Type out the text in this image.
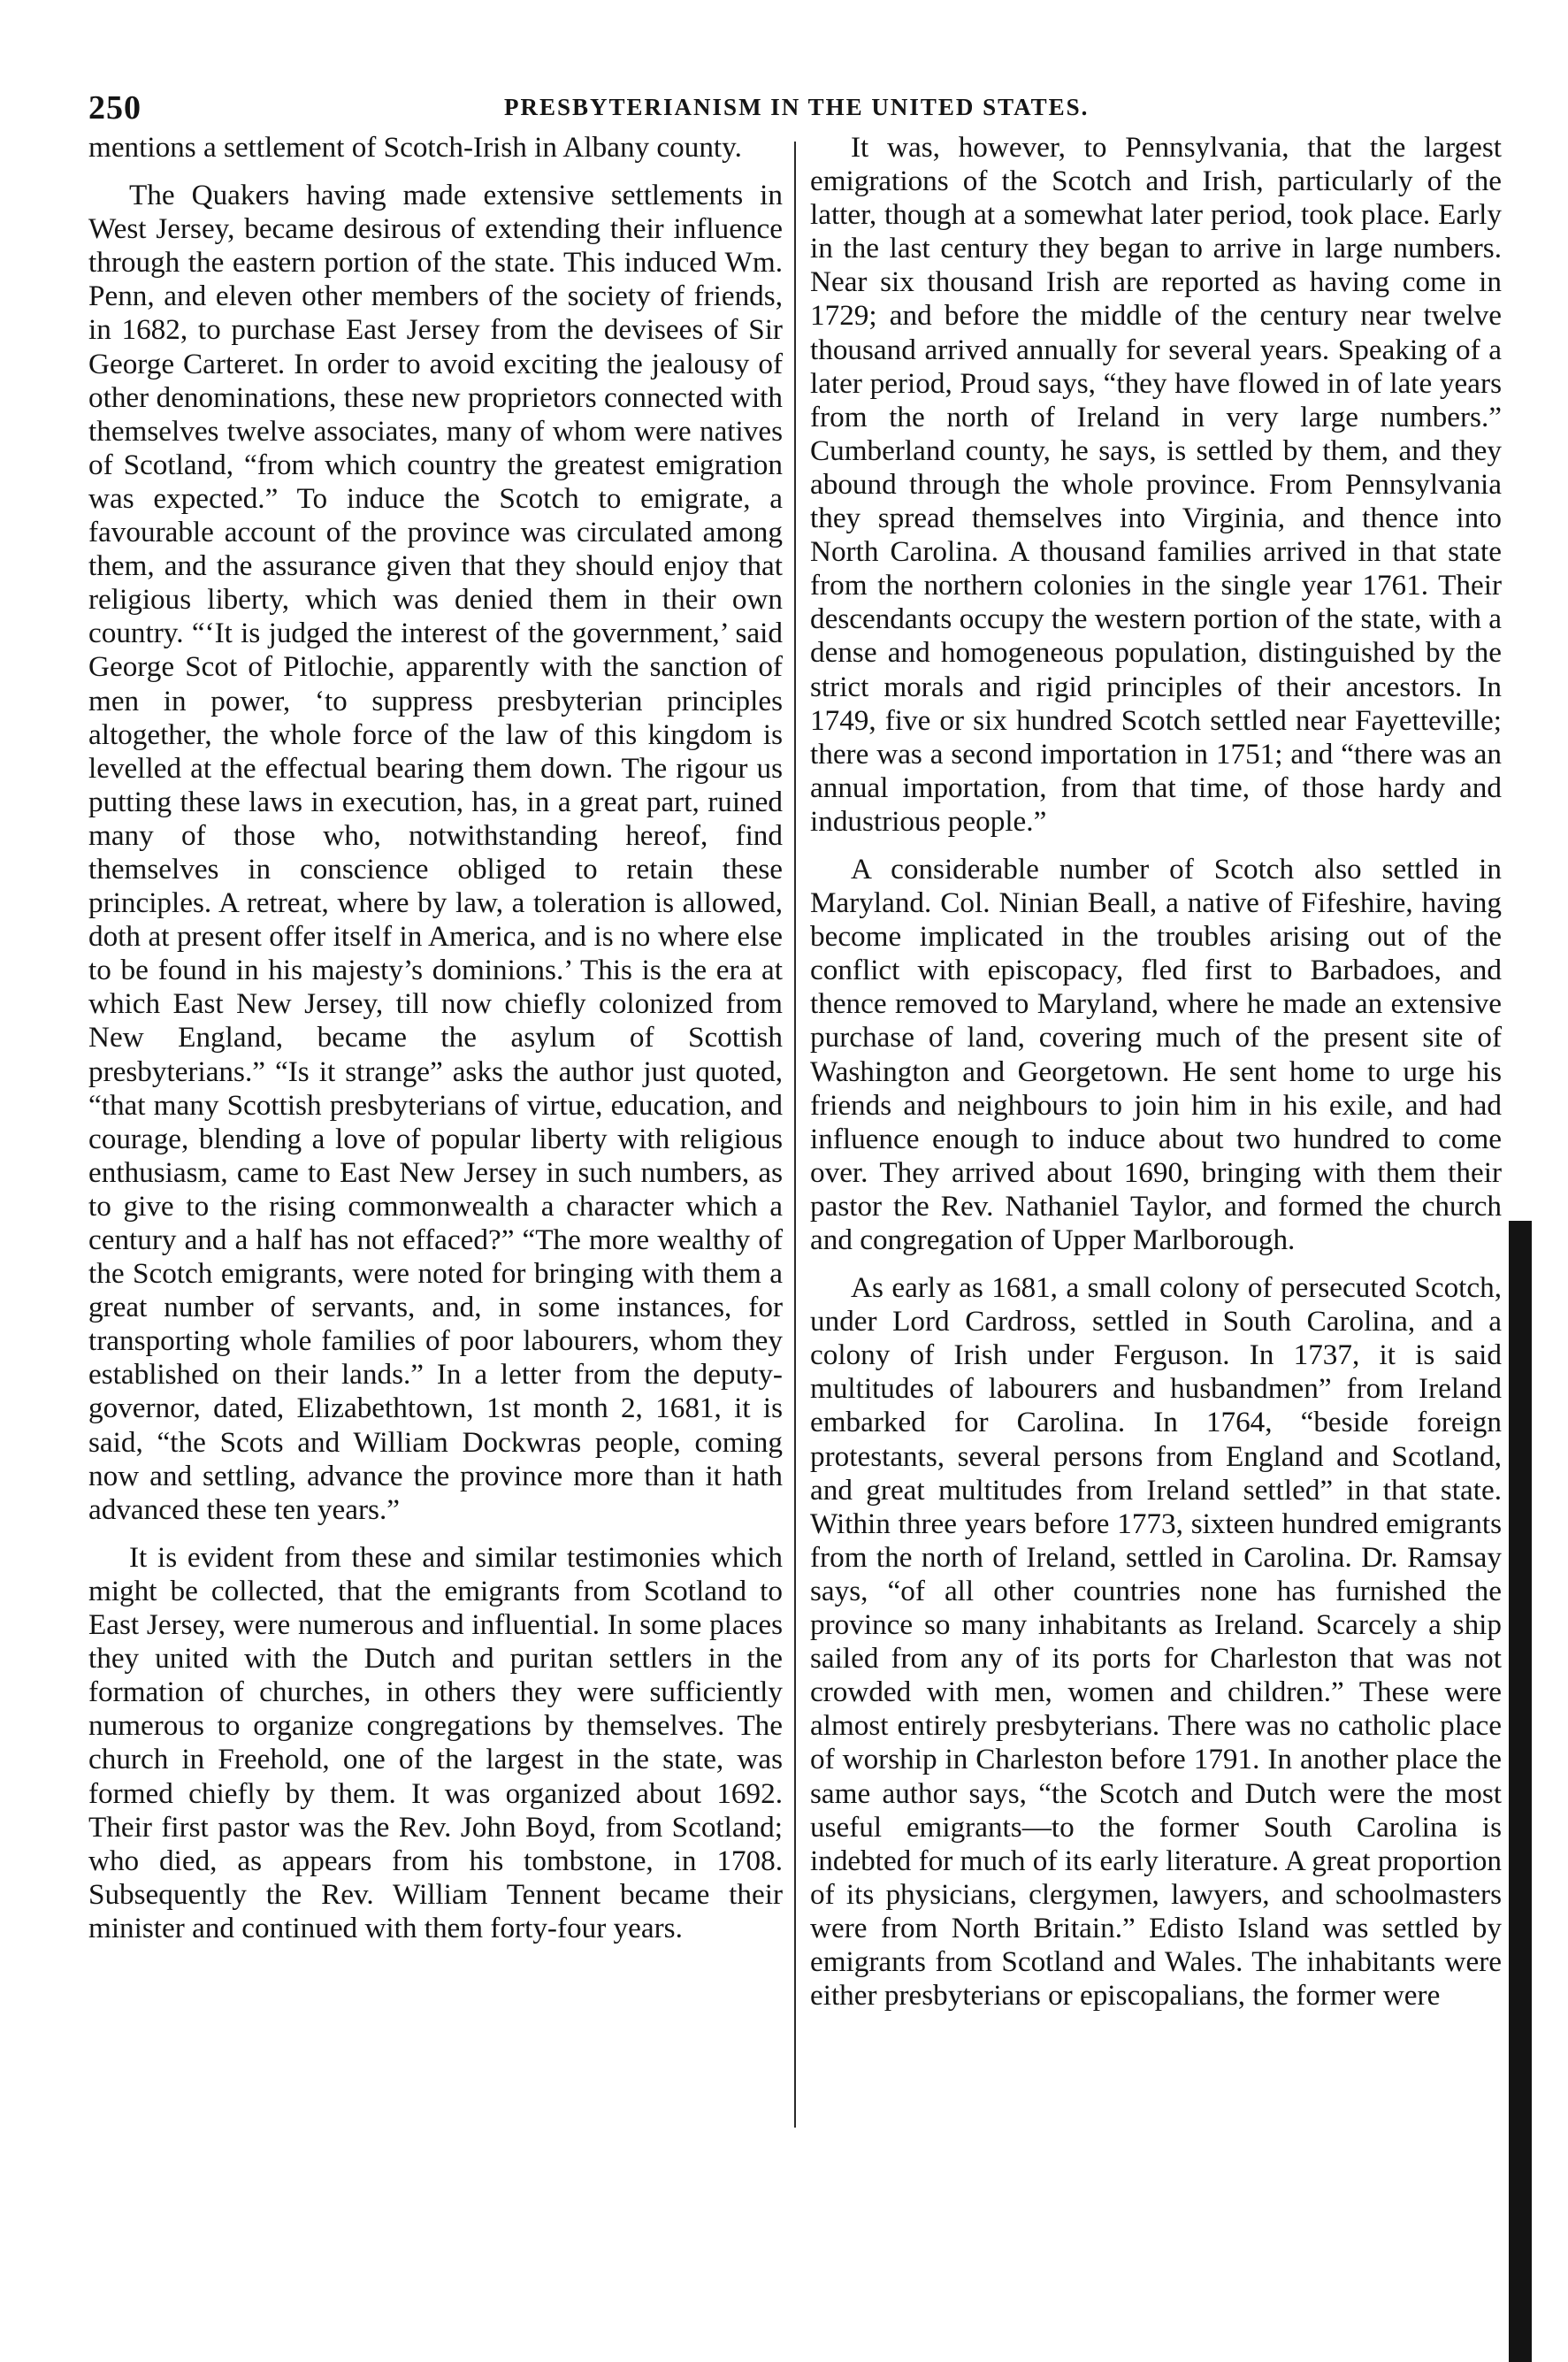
250	PRESBYTERIANISM IN THE UNITED STATES.

mentions a settlement of Scotch-Irish in Albany county.

The Quakers having made extensive settlements in West Jersey, became desirous of extending their influence through the eastern portion of the state. This induced Wm. Penn, and eleven other members of the society of friends, in 1682, to purchase East Jersey from the devisees of Sir George Carteret. In order to avoid exciting the jealousy of other denominations, these new proprietors connected with themselves twelve associates, many of whom were natives of Scotland, “from which country the greatest emigration was expected.” To induce the Scotch to emigrate, a favourable account of the province was circulated among them, and the assurance given that they should enjoy that religious liberty, which was denied them in their own country. “‘It is judged the interest of the government,’ said George Scot of Pitlochie, apparently with the sanction of men in power, ‘to suppress presbyterian principles altogether, the whole force of the law of this kingdom is levelled at the effectual bearing them down. The rigour us putting these laws in execution, has, in a great part, ruined many of those who, notwithstanding hereof, find themselves in conscience obliged to retain these principles. A retreat, where by law, a toleration is allowed, doth at present offer itself in America, and is no where else to be found in his majesty’s dominions.’ This is the era at which East New Jersey, till now chiefly colonized from New England, became the asylum of Scottish presbyterians.” “Is it strange” asks the author just quoted, “that many Scottish presbyterians of virtue, education, and courage, blending a love of popular liberty with religious enthusiasm, came to East New Jersey in such numbers, as to give to the rising commonwealth a character which a century and a half has not effaced?” “The more wealthy of the Scotch emigrants, were noted for bringing with them a great number of servants, and, in some instances, for transporting whole families of poor labourers, whom they established on their lands.” In a letter from the deputy-governor, dated, Elizabethtown, 1st month 2, 1681, it is said, “the Scots and William Dockwras people, coming now and settling, advance the province more than it hath advanced these ten years.”

It is evident from these and similar testimonies which might be collected, that the emigrants from Scotland to East Jersey, were numerous and influential. In some places they united with the Dutch and puritan settlers in the formation of churches, in others they were sufficiently numerous to organize congregations by themselves. The church in Freehold, one of the largest in the state, was formed chiefly by them. It was organized about 1692. Their first pastor was the Rev. John Boyd, from Scotland; who died, as appears from his tombstone, in 1708. Subsequently the Rev. William Tennent became their minister and continued with them forty-four years.

It was, however, to Pennsylvania, that the largest emigrations of the Scotch and Irish, particularly of the latter, though at a somewhat later period, took place. Early in the last century they began to arrive in large numbers. Near six thousand Irish are reported as having come in 1729; and before the middle of the century near twelve thousand arrived annually for several years. Speaking of a later period, Proud says, “they have flowed in of late years from the north of Ireland in very large numbers.” Cumberland county, he says, is settled by them, and they abound through the whole province. From Pennsylvania they spread themselves into Virginia, and thence into North Carolina. A thousand families arrived in that state from the northern colonies in the single year 1761. Their descendants occupy the western portion of the state, with a dense and homogeneous population, distinguished by the strict morals and rigid principles of their ancestors. In 1749, five or six hundred Scotch settled near Fayetteville; there was a second importation in 1751; and “there was an annual importation, from that time, of those hardy and industrious people.”

A considerable number of Scotch also settled in Maryland. Col. Ninian Beall, a native of Fifeshire, having become implicated in the troubles arising out of the conflict with episcopacy, fled first to Barbadoes, and thence removed to Maryland, where he made an extensive purchase of land, covering much of the present site of Washington and Georgetown. He sent home to urge his friends and neighbours to join him in his exile, and had influence enough to induce about two hundred to come over. They arrived about 1690, bringing with them their pastor the Rev. Nathaniel Taylor, and formed the church and congregation of Upper Marlborough.

As early as 1681, a small colony of persecuted Scotch, under Lord Cardross, settled in South Carolina, and a colony of Irish under Ferguson. In 1737, it is said multitudes of labourers and husbandmen” from Ireland embarked for Carolina. In 1764, “beside foreign protestants, several persons from England and Scotland, and great multitudes from Ireland settled” in that state. Within three years before 1773, sixteen hundred emigrants from the north of Ireland, settled in Carolina. Dr. Ramsay says, “of all other countries none has furnished the province so many inhabitants as Ireland. Scarcely a ship sailed from any of its ports for Charleston that was not crowded with men, women and children.” These were almost entirely presbyterians. There was no catholic place of worship in Charleston before 1791. In another place the same author says, “the Scotch and Dutch were the most useful emigrants—to the former South Carolina is indebted for much of its early literature. A great proportion of its physicians, clergymen, lawyers, and schoolmasters were from North Britain.” Edisto Island was settled by emigrants from Scotland and Wales. The inhabitants were either presbyterians or episcopalians, the former were
